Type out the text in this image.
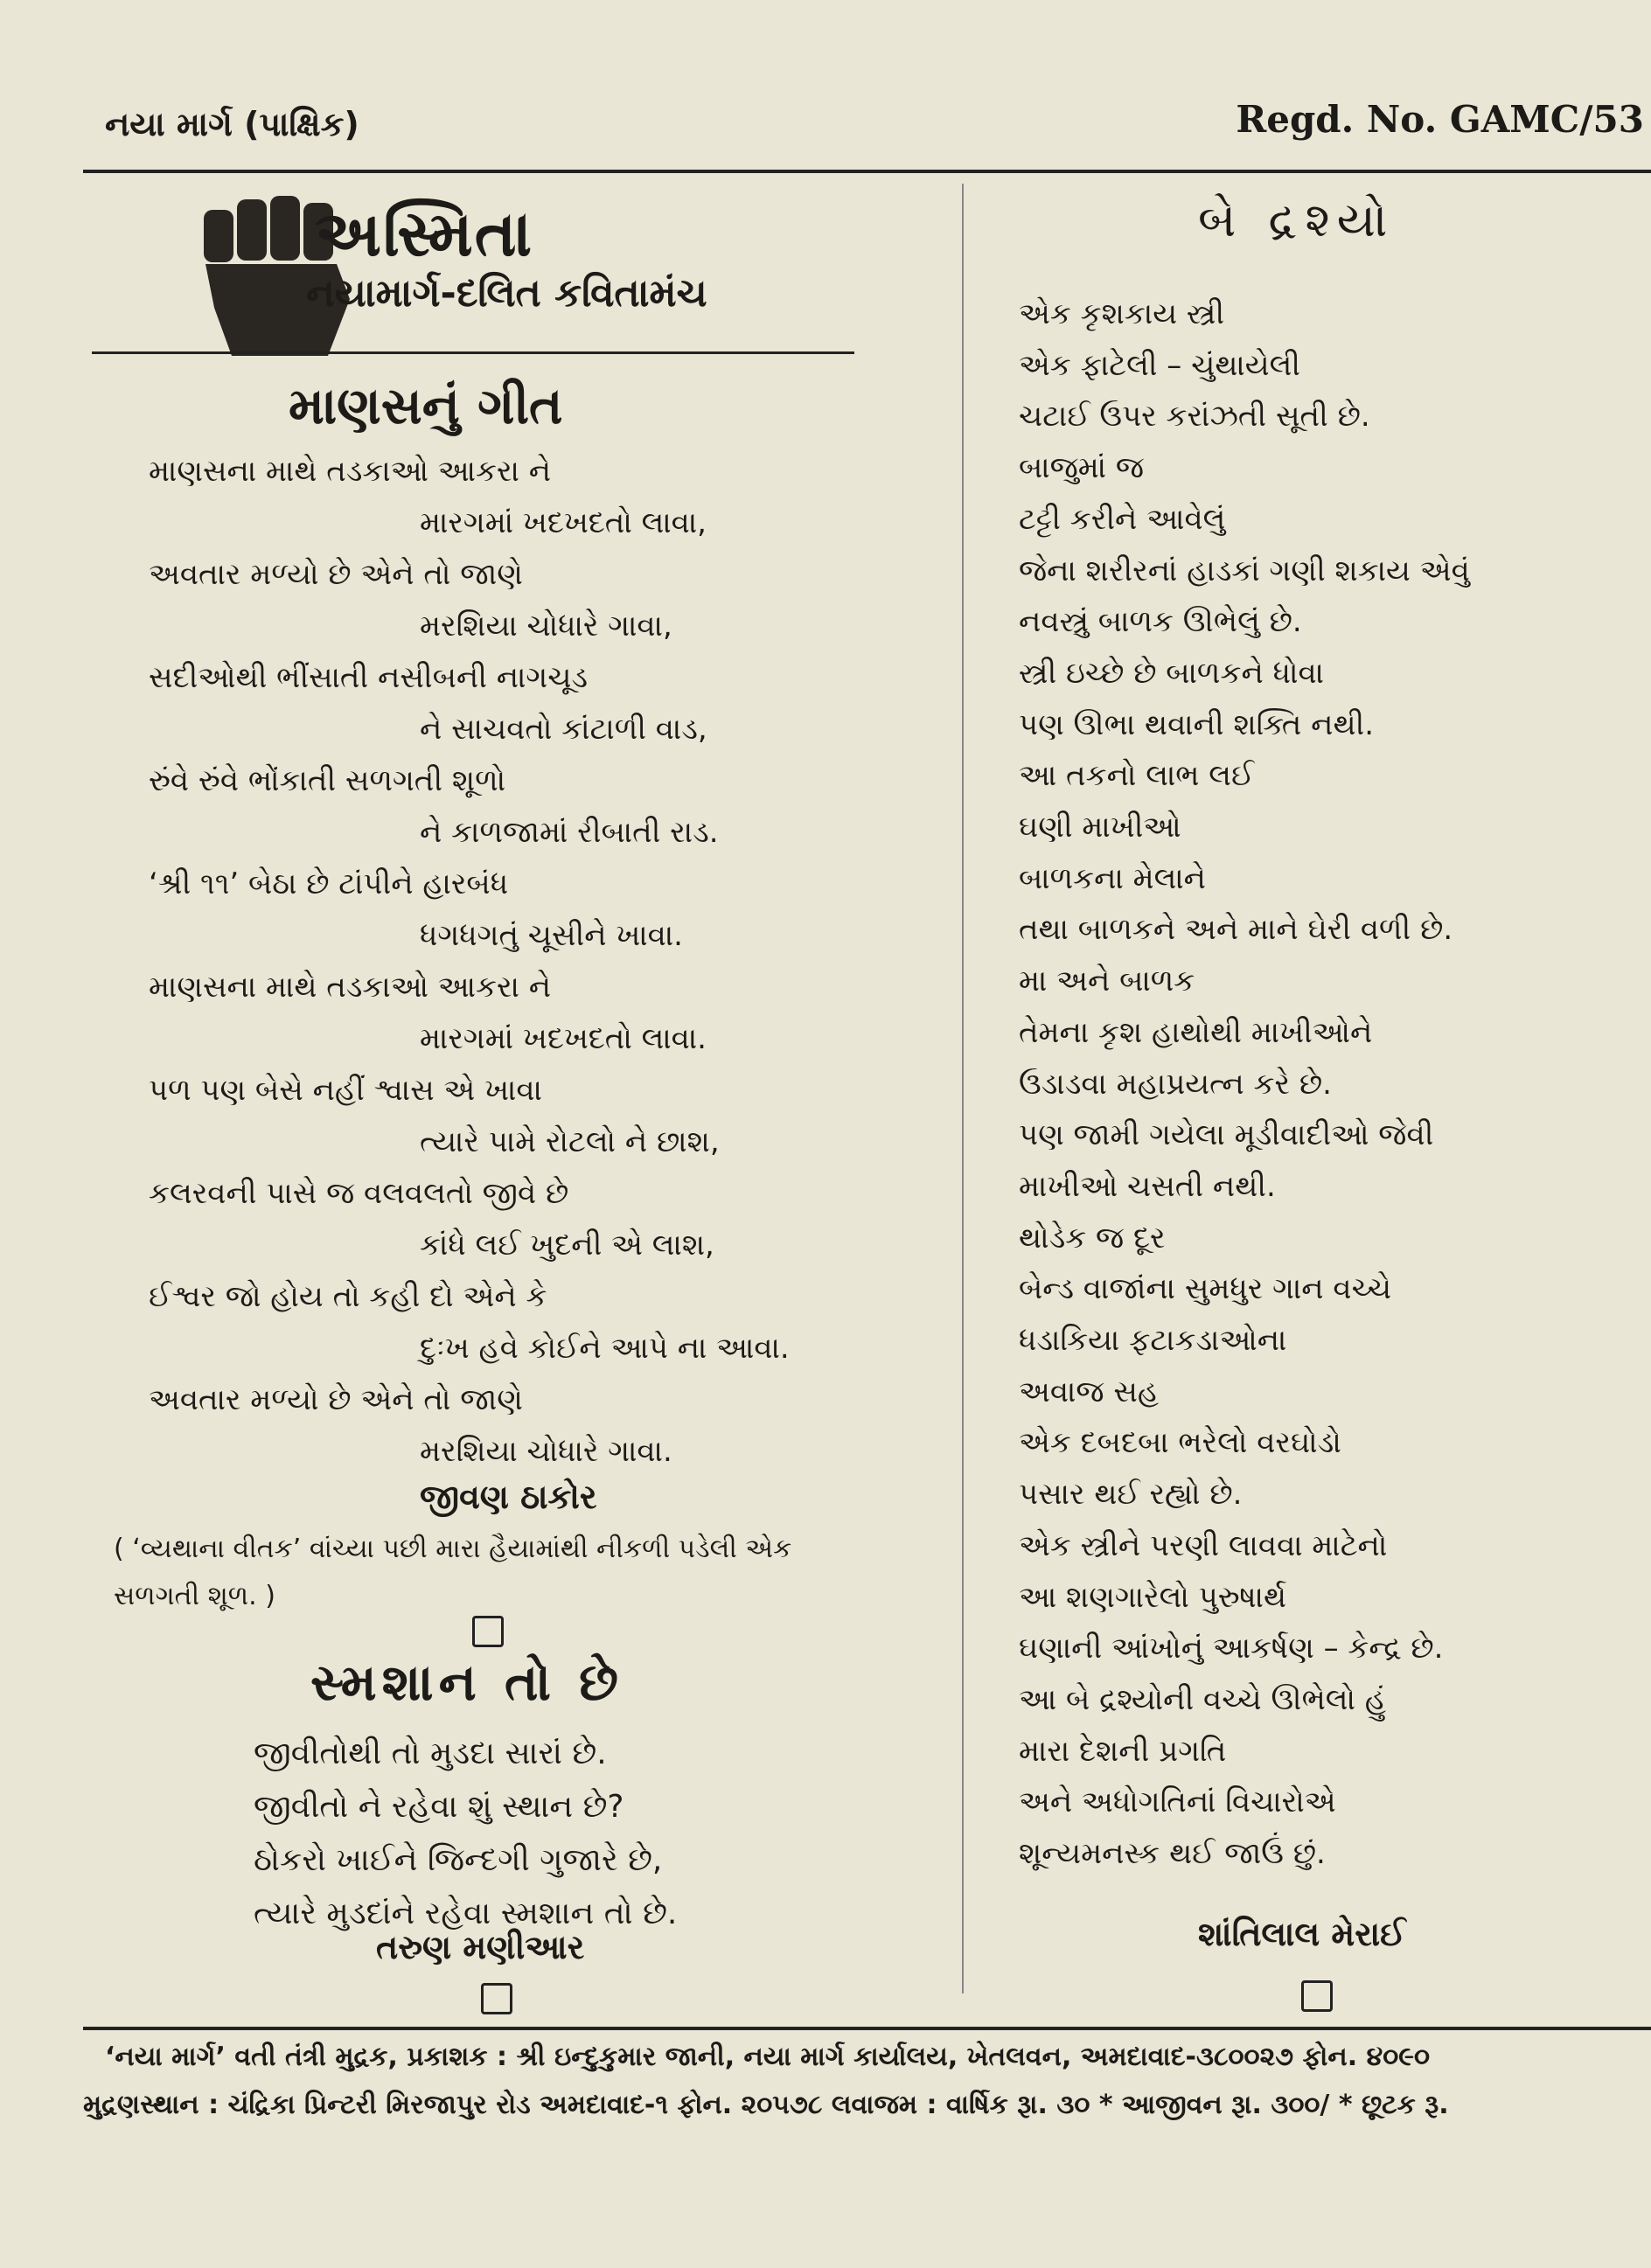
નયા માર્ગ (પાક્ષિક)	Regd. No. GAMC/53
અસ્મિતા
નયામાર્ગ-દલિત કવિતામંચ
માણસનું ગીત
માણસના માથે તડકાઓ આકરા ને
મારગમાં ખદખદતો લાવા,
અવતાર મળ્યો છે એને તો જાણે
મરશિયા ચોધારે ગાવા,
સદીઓથી ભીંસાતી નસીબની નાગચૂડ
ને સાચવતો કાંટાળી વાડ,
રુંવે રુંવે ભોંકાતી સળગતી શૂળો
ને કાળજામાં રીબાતી રાડ.
‘શ્રી ૧૧’ બેઠા છે ટાંપીને હારબંધ
ધગધગતું ચૂસીને ખાવા.
માણસના માથે તડકાઓ આકરા ને
મારગમાં ખદખદતો લાવા.
પળ પણ બેસે નહીં શ્વાસ એ ખાવા
ત્યારે પામે રોટલો ને છાશ,
કલરવની પાસે જ વલવલતો જીવે છે
કાંધે લઈ ખુદની એ લાશ,
ઈશ્વર જો હોય તો કહી દો એને કે
દુઃખ હવે કોઈને આપે ના આવા.
અવતાર મળ્યો છે એને તો જાણે
મરશિયા ચોધારે ગાવા.
જીવણ ઠાકોર
( ‘વ્યથાના વીતક’ વાંચ્યા પછી મારા હૈયામાંથી નીકળી પડેલી એક સળગતી શૂળ. )
સ્મશાન તો છે
જીવીતોથી તો મુડદા સારાં છે.
જીવીતો ને રહેવા શું સ્થાન છે?
ઠોકરો ખાઈને જિન્દગી ગુજારે છે,
ત્યારે મુડદાંને રહેવા સ્મશાન તો છે.
તરુણ મણીઆર
બે દ્રશ્યો
એક કૃશકાય સ્ત્રી
એક ફાટેલી – ચુંથાયેલી
ચટાઈ ઉપર કરાંઝતી સૂતી છે.
બાજુમાં જ
ટટ્ટી કરીને આવેલું
જેના શરીરનાં હાડકાં ગણી શકાય એવું
નવસ્ત્રું બાળક ઊભેલું છે.
સ્ત્રી ઇચ્છે છે બાળકને ધોવા
પણ ઊભા થવાની શક્તિ નથી.
આ તકનો લાભ લઈ
ઘણી માખીઓ
બાળકના મેલાને
તથા બાળકને અને માને ઘેરી વળી છે.
મા અને બાળક
તેમના કૃશ હાથોથી માખીઓને
ઉડાડવા મહાપ્રયત્ન કરે છે.
પણ જામી ગયેલા મૂડીવાદીઓ જેવી
માખીઓ ચસતી નથી.
થોડેક જ દૂર
બેન્ડ વાજાંના સુમધુર ગાન વચ્ચે
ધડાકિયા ફટાકડાઓના
અવાજ સહ
એક દબદબા ભરેલો વરઘોડો
પસાર થઈ રહ્યો છે.
એક સ્ત્રીને પરણી લાવવા માટેનો
આ શણગારેલો પુરુષાર્થ
ઘણાની આંખોનું આકર્ષણ – કેન્દ્ર છે.
આ બે દ્રશ્યોની વચ્ચે ઊભેલો હું
મારા દેશની પ્રગતિ
અને અધોગતિનાં વિચારોએ
શૂન્યમનસ્ક થઈ જાઉં છું.
શાંતિલાલ મેરાઈ
‘નયા માર્ગ’ વતી તંત્રી મુદ્રક, પ્રકાશક : શ્રી ઇન્દુકુમાર જાની, નયા માર્ગ કાર્યાલય, ખેતલવન, અમદાવાદ-૩૮૦૦૨૭ ફોન. ૪૦૯૦
મુદ્રણસ્થાન : ચંદ્રિકા પ્રિન્ટરી મિરજાપુર રોડ અમદાવાદ-૧ ફોન. ૨૦૫૭૮ લવાજમ : વાર્ષિક રૂા. ૩૦ * આજીવન રૂા. ૩૦૦/ * છૂટક રૂ.
